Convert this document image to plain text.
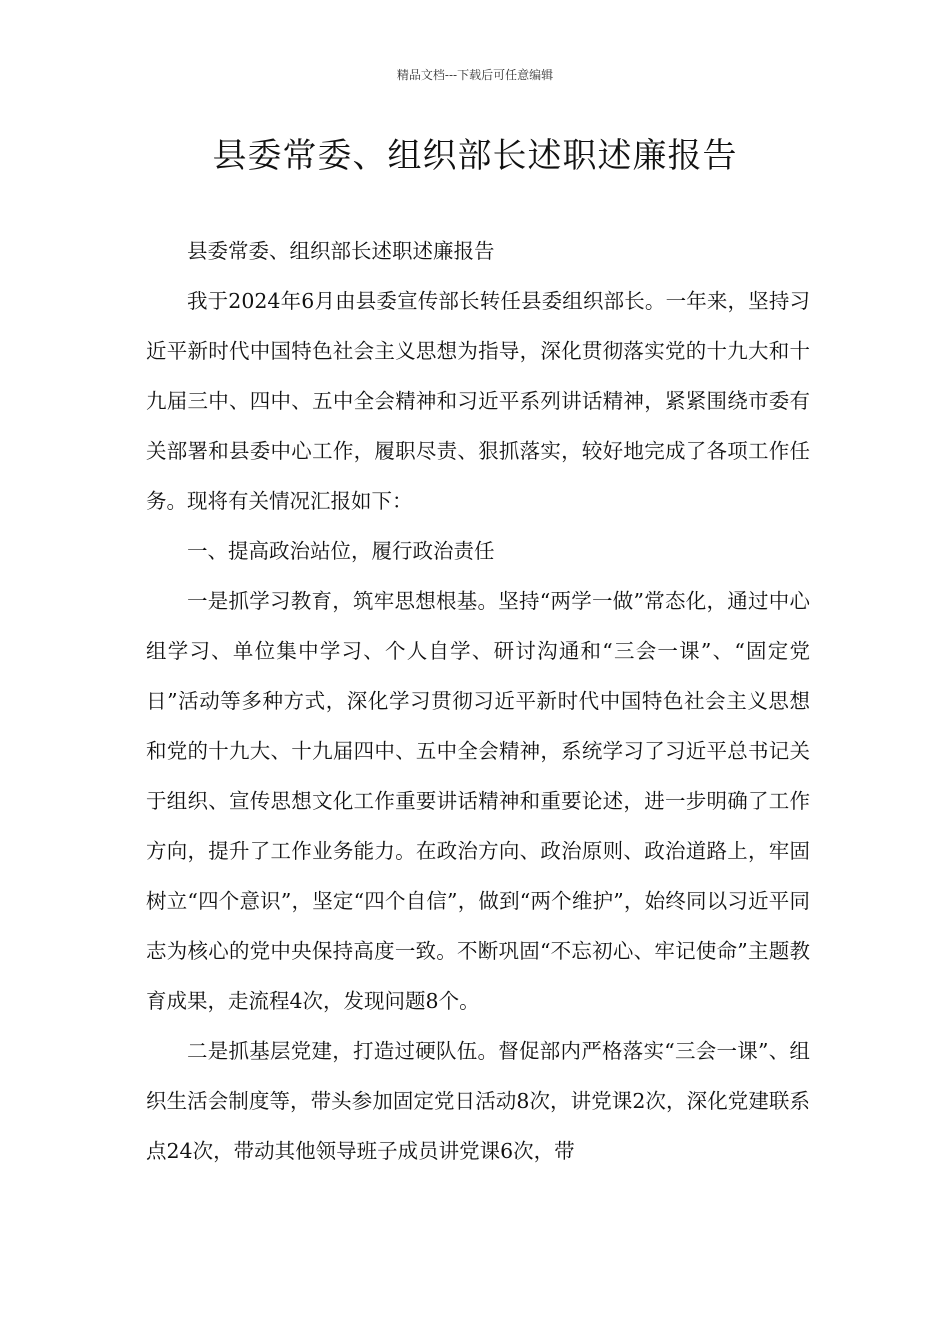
精品文档---下载后可任意编辑
县委常委、组织部长述职述廉报告

县委常委、组织部长述职述廉报告

我于2024年6月由县委宣传部长转任县委组织部长。一年来，坚持习近平新时代中国特色社会主义思想为指导，深化贯彻落实党的十九大和十九届三中、四中、五中全会精神和习近平系列讲话精神，紧紧围绕市委有关部署和县委中心工作，履职尽责、狠抓落实，较好地完成了各项工作任务。现将有关情况汇报如下：

一、提高政治站位，履行政治责任

一是抓学习教育，筑牢思想根基。坚持“两学一做”常态化，通过中心组学习、单位集中学习、个人自学、研讨沟通和“三会一课”、“固定党日”活动等多种方式，深化学习贯彻习近平新时代中国特色社会主义思想和党的十九大、十九届四中、五中全会精神，系统学习了习近平总书记关于组织、宣传思想文化工作重要讲话精神和重要论述，进一步明确了工作方向，提升了工作业务能力。在政治方向、政治原则、政治道路上，牢固树立“四个意识”，坚定“四个自信”，做到“两个维护”，始终同以习近平同志为核心的党中央保持高度一致。不断巩固“不忘初心、牢记使命”主题教育成果，走流程4次，发现问题8个。

二是抓基层党建，打造过硬队伍。督促部内严格落实“三会一课”、组织生活会制度等，带头参加固定党日活动8次，讲党课2次，深化党建联系点24次，带动其他领导班子成员讲党课6次，带
